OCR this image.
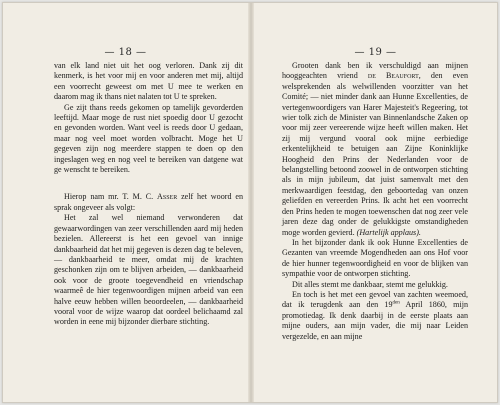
— 18 —

van elk land niet uit het oog verloren. Dank zij dit kenmerk, is het voor mij en voor anderen met mij, altijd een voorrecht geweest om met U mee te werken en daarom mag ik thans niet nalaten tot U te spreken.

Ge zijt thans reeds gekomen op tamelijk gevorderden leeftijd. Maar moge de rust niet spoedig door U gezocht en gevonden worden. Want veel is reeds door U gedaan, maar nog veel moet worden volbracht. Moge het U gegeven zijn nog meerdere stappen te doen op den ingeslagen weg en nog veel te bereiken van datgene wat ge wenscht te bereiken.

Hierop nam mr. T. M. C. Asser zelf het woord en sprak ongeveer als volgt:

Het zal wel niemand verwonderen dat gewaarwordingen van zeer verschillenden aard mij heden bezielen. Allereerst is het een gevoel van innige dankbaarheid dat het mij gegeven is dezen dag te beleven, — dankbaarheid te meer, omdat mij de krachten geschonken zijn om te blijven arbeiden, — dankbaarheid ook voor de groote toegevendheid en vriendschap waarmeê de hier tegenwoordigen mijnen arbeid van een halve eeuw hebben willen beoordeelen, — dankbaarheid vooral voor de wijze waarop dat oordeel belichaamd zal worden in eene mij bijzonder dierbare stichting.

— 19 —

Grooten dank ben ik verschuldigd aan mijnen hooggeachten vriend de Beaufort, den even welsprekenden als welwillenden voorzitter van het Comité; — niet minder dank aan Hunne Excellenties, de vertegenwoordigers van Harer Majesteit's Regeering, tot wier tolk zich de Minister van Binnenlandsche Zaken op voor mij zeer vereerende wijze heeft willen maken. Het zij mij vergund vooral ook mijne eerbiedige erkentelijkheid te betuigen aan Zijne Koninklijke Hoogheid den Prins der Nederlanden voor de belangstelling betoond zoowel in de ontworpen stichting als in mijn jubileum, dat juist samenvalt met den merkwaardigen feestdag, den geboortedag van onzen geliefden en vereerden Prins. Ik acht het een voorrecht den Prins heden te mogen toewenschen dat nog zeer vele jaren deze dag onder de gelukkigste omstandigheden moge worden gevierd. (Hartelijk applaus).

In het bijzonder dank ik ook Hunne Excellenties de Gezanten van vreemde Mogendheden aan ons Hof voor de hier hunner tegenwoordigheid en voor de blijken van sympathie voor de ontworpen stichting.

Dit alles stemt me dankbaar, stemt me gelukkig.

En toch is het met een gevoel van zachten weemoed, dat ik terugdenk aan den $19^{den}$ April 1860, mijn promotiedag. Ik denk daarbij in de eerste plaats aan mijne ouders, aan mijn vader, die mij naar Leiden vergezelde, en aan mijne
